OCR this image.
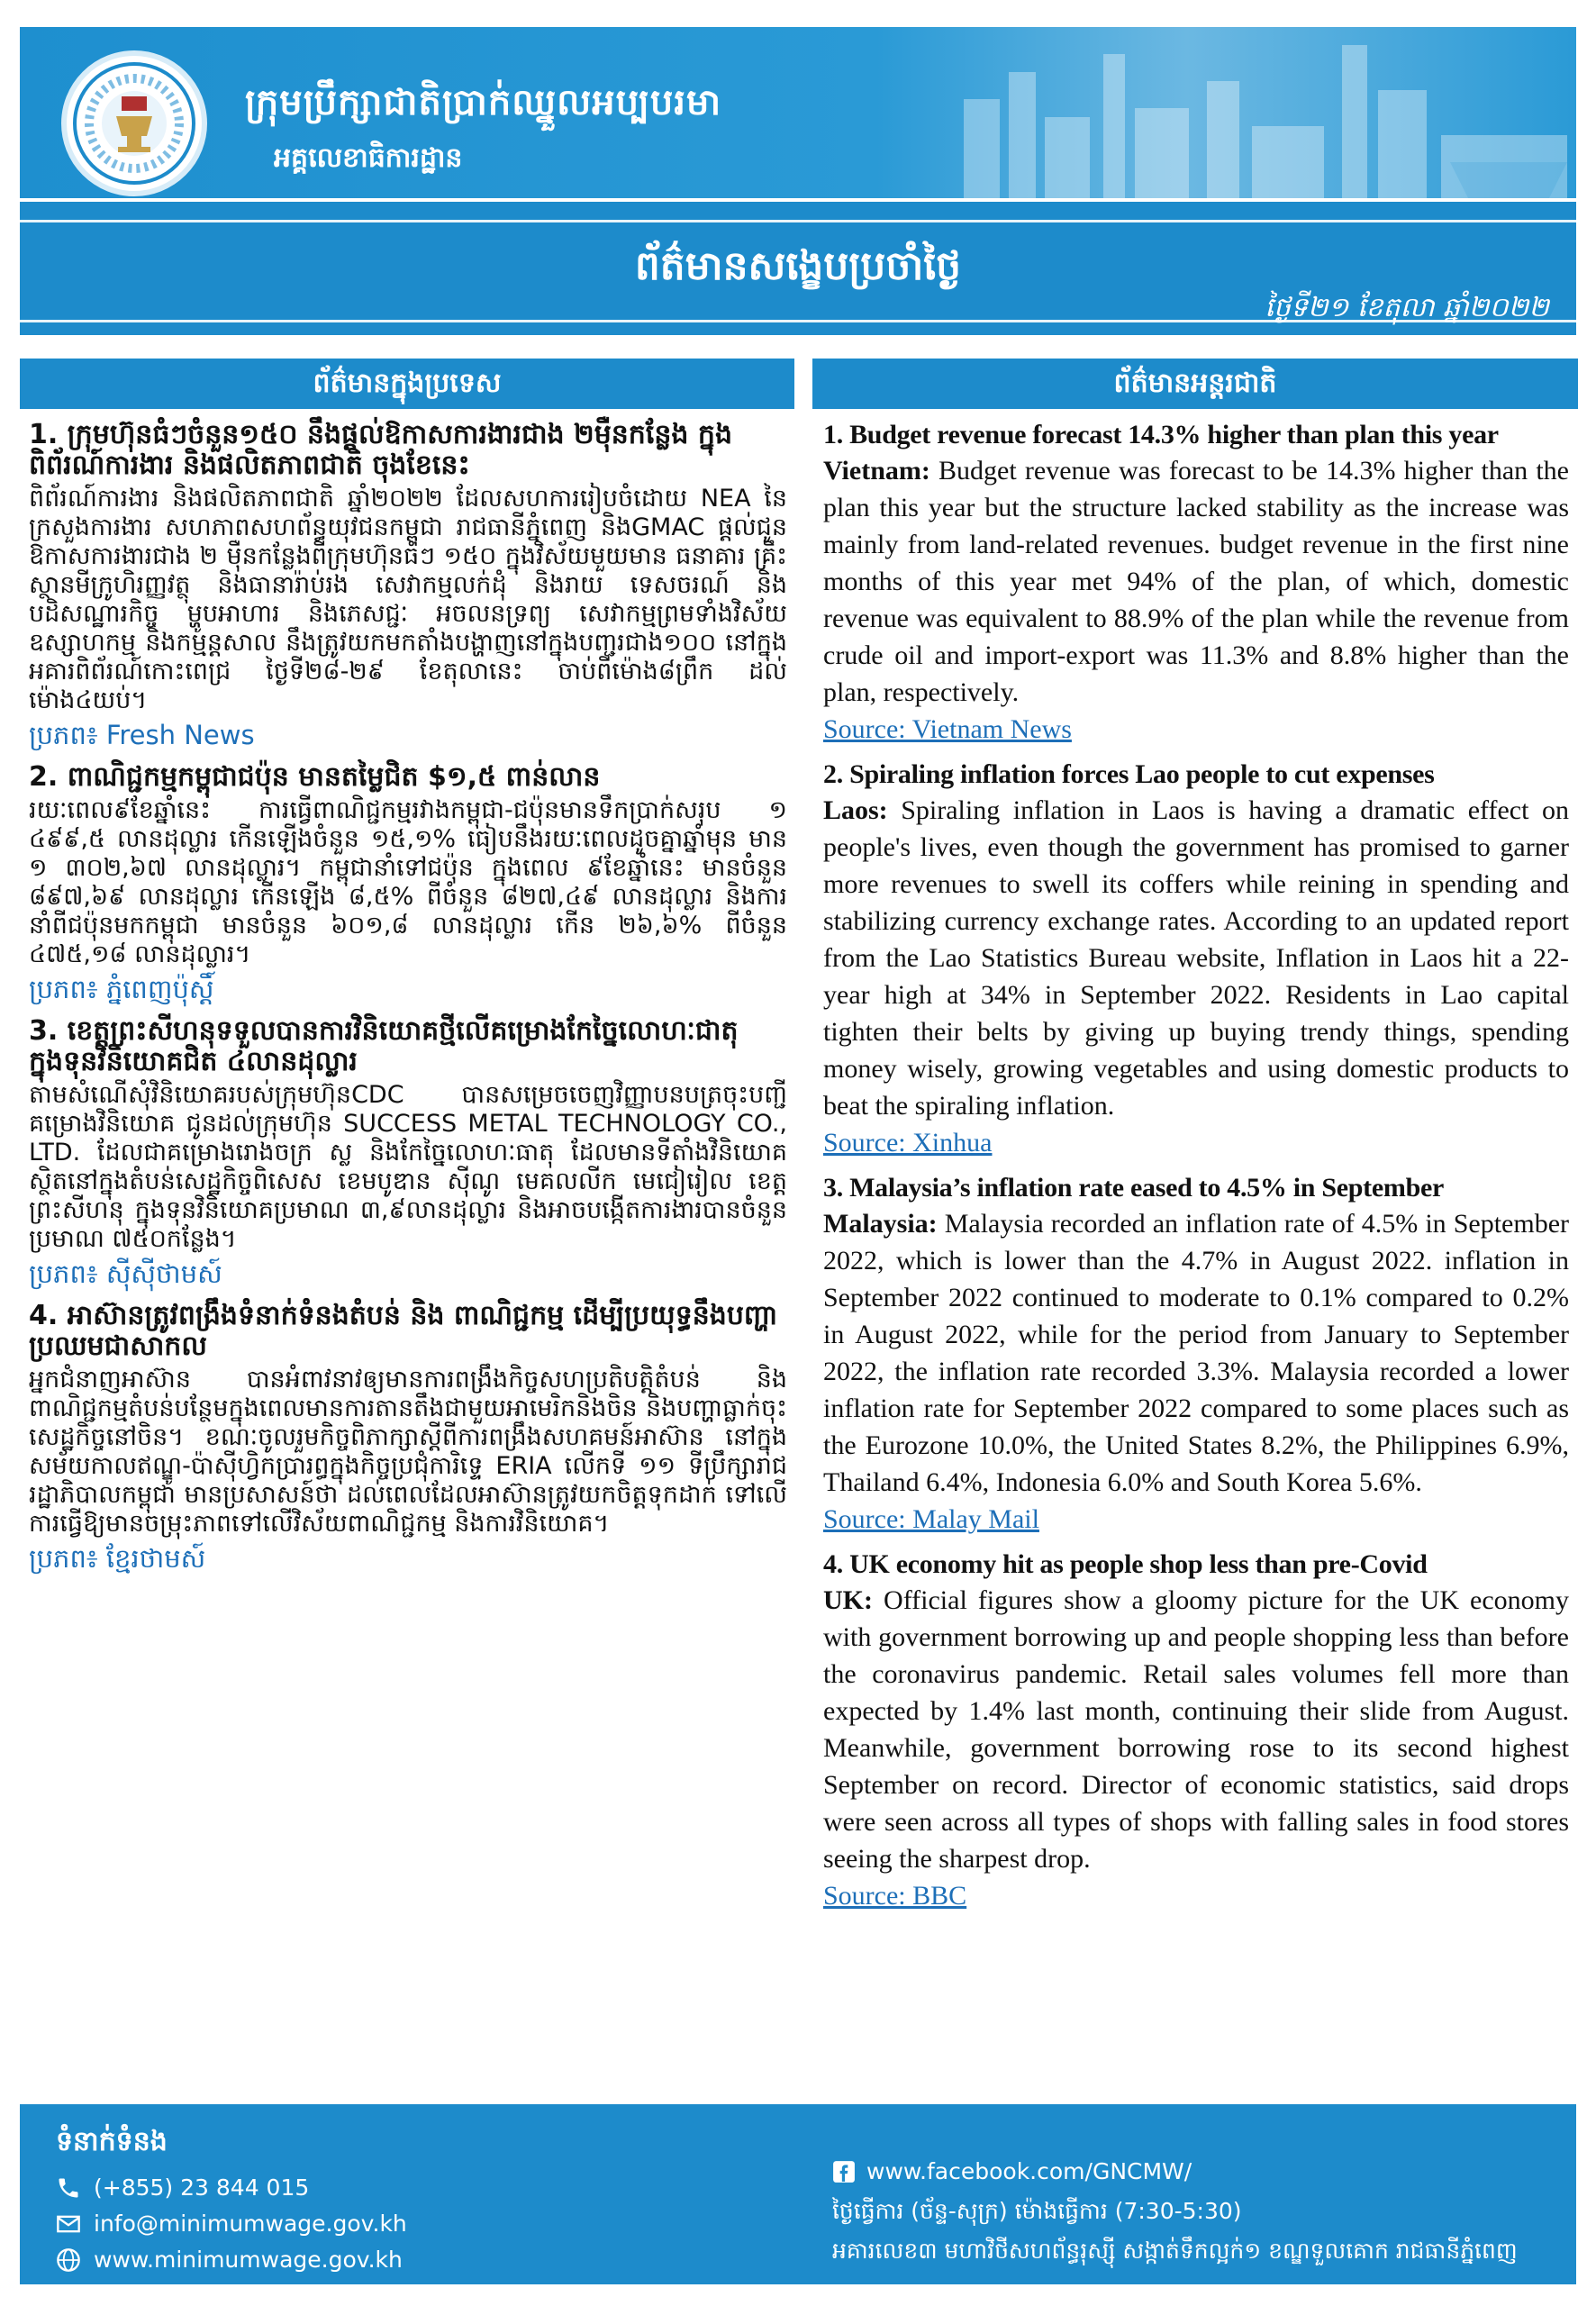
ក្រុមប្រឹក្សាជាតិប្រាក់ឈ្នួលអប្បបរមា
អគ្គលេខាធិការដ្ឋាន
ព័ត៌មានសង្ខេបប្រចាំថ្ងៃ
ថ្ងៃទី២១ ខែតុលា ឆ្នាំ២០២២
ព័ត៌មានក្នុងប្រទេស
1. ក្រុមហ៊ុនធំៗចំនួន១៥០ នឹងផ្តល់ឱកាសការងារជាង ២ម៉ឺនកន្លែង ក្នុងពិព័រណ៍ការងារ និងផលិតភាពជាតិ ចុងខែនេះ
ពិព័រណ៍ការងារ និងផលិតភាពជាតិ ឆ្នាំ២០២២ ដែលសហការរៀបចំដោយ NEA នៃក្រសួងការងារ សហភាពសហព័ន្ធយុវជនកម្ពុជា រាជធានីភ្នំពេញ និងGMAC ផ្តល់ជូនឱកាសការងារជាង ២ ម៉ឺនកន្លែងពីក្រុមហ៊ុនធំៗ ១៥០ ក្នុងវិស័យមួយមាន ធនាគារ គ្រឹះស្ថានមីក្រូហិរញ្ញវត្ថុ និងធានារ៉ាប់រង សេវាកម្មលក់ដុំ និងរាយ ទេសចរណ៍ និងបដិសណ្ឋារកិច្ច ម្ហូបអាហារ និងភេសជ្ជៈ អចលនទ្រព្យ សេវាកម្មព្រមទាំងវិស័យឧស្សាហកម្ម និងកម្មន្តសាល នឹងត្រូវយកមកតាំងបង្ហាញនៅក្នុងបញ្ជរជាង១០០ នៅក្នុងអគារពិព័រណ៍កោះពេជ្រ ថ្ងៃទី២៨-២៩ ខែតុលានេះ ចាប់ពីម៉ោង៨ព្រឹក ដល់ម៉ោង៤យប់។
ប្រភព៖ Fresh News
2. ពាណិជ្ជកម្មកម្ពុជាជប៉ុន មានតម្លៃជិត $១,៥ ពាន់លាន
រយៈពេល៩ខែឆ្នាំនេះ ការធ្វើពាណិជ្ជកម្មរវាងកម្ពុជា-ជប៉ុនមានទឹកប្រាក់សរុប ១ ៤៩៩,៥ លានដុល្លារ កើនឡើងចំនួន ១៥,១% ធៀបនឹងរយៈពេលដូចគ្នាឆ្នាំមុន មាន ១ ៣០២,៦៧ លានដុល្លារ។ កម្ពុជានាំទៅជប៉ុន ក្នុងពេល ៩ខែឆ្នាំនេះ មានចំនួន ៨៩៧,៦៩ លានដុល្លារ កើនឡើង ៨,៥% ពីចំនួន ៨២៧,៤៩ លានដុល្លារ និងការនាំពីជប៉ុនមកកម្ពុជា មានចំនួន ៦០១,៨ លានដុល្លារ កើន ២៦,៦% ពីចំនួន ៤៧៥,១៨ លានដុល្លារ។
ប្រភព៖ ភ្នំពេញប៉ុស្តិ៍
3. ខេត្តព្រះសីហនុទទួលបានការវិនិយោគថ្មីលើគម្រោងកែច្នៃលោហៈជាតុក្នុងទុនវិនិយោគជិត ៤លានដុល្លារ
តាមសំណើសុំវិនិយោគរបស់ក្រុមហ៊ុនCDC បានសម្រេចចេញវិញ្ញាបនបត្រចុះបញ្ជីគម្រោងវិនិយោគ ជូនដល់ក្រុមហ៊ុន SUCCESS METAL TECHNOLOGY CO., LTD. ដែលជាគម្រោងរោងចក្រ ស្ល និងកែច្នៃលោហៈធាតុ ដែលមានទីតាំងវិនិយោគស្ថិតនៅក្នុងតំបន់សេដ្ឋកិច្ចពិសេស ខេមបូឌាន ស៊ីណូ មេគលលីក មេជៀរៀល ខេត្តព្រះសីហនុ ក្នុងទុនវិនិយោគប្រមាណ ៣,៩លានដុល្លារ និងអាចបង្កើតការងារបានចំនួនប្រមាណ ៧៥០កន្លែង។
ប្រភព៖ ស៊ីស៊ីថាមស៍
4. អាស៊ានត្រូវពង្រឹងទំនាក់ទំនងតំបន់ និង ពាណិជ្ជកម្ម ដើម្បីប្រយុទ្ធនឹងបញ្ហាប្រឈមជាសាកល
អ្នកជំនាញអាស៊ាន បានអំពាវនាវឲ្យមានការពង្រឹងកិច្ចសហប្រតិបត្តិតំបន់ និងពាណិជ្ជកម្មតំបន់បន្ថែមក្នុងពេលមានការតានតឹងជាមួយអាមេរិកនិងចិន និងបញ្ហាធ្លាក់ចុះសេដ្ឋកិច្ចនៅចិន។ ខណៈចូលរួមកិច្ចពិភាក្សាស្តីពីការពង្រឹងសហគមន៍អាស៊ាន នៅក្នុងសម័យកាលឥណ្ឌូ-ប៉ាស៊ីហ្វិកប្រារព្ធក្នុងកិច្ចប្រជុំការិទ្ទេ ERIA លើកទី ១១ ទីប្រឹក្សារាជរដ្ឋាភិបាលកម្ពុជា មានប្រសាសន៍ថា ដល់ពេលដែលអាស៊ានត្រូវយកចិត្តទុកដាក់ ទៅលើការធ្វើឱ្យមានចម្រុះភាពទៅលើវិស័យពាណិជ្ជកម្ម និងការវិនិយោគ។
ប្រភព៖ ខ្មែរថាមស៍
ព័ត៌មានអន្តរជាតិ
1. Budget revenue forecast 14.3% higher than plan this year
Vietnam: Budget revenue was forecast to be 14.3% higher than the plan this year but the structure lacked stability as the increase was mainly from land-related revenues. budget revenue in the first nine months of this year met 94% of the plan, of which, domestic revenue was equivalent to 88.9% of the plan while the revenue from crude oil and import-export was 11.3% and 8.8% higher than the plan, respectively.
Source: Vietnam News
2. Spiraling inflation forces Lao people to cut expenses
Laos: Spiraling inflation in Laos is having a dramatic effect on people's lives, even though the government has promised to garner more revenues to swell its coffers while reining in spending and stabilizing currency exchange rates. According to an updated report from the Lao Statistics Bureau website, Inflation in Laos hit a 22-year high at 34% in September 2022. Residents in Lao capital tighten their belts by giving up buying trendy things, spending money wisely, growing vegetables and using domestic products to beat the spiraling inflation.
Source: Xinhua
3. Malaysia’s inflation rate eased to 4.5% in September
Malaysia: Malaysia recorded an inflation rate of 4.5% in September 2022, which is lower than the 4.7% in August 2022. inflation in September 2022 continued to moderate to 0.1% compared to 0.2% in August 2022, while for the period from January to September 2022, the inflation rate recorded 3.3%. Malaysia recorded a lower inflation rate for September 2022 compared to some places such as the Eurozone 10.0%, the United States 8.2%, the Philippines 6.9%, Thailand 6.4%, Indonesia 6.0% and South Korea 5.6%.
Source: Malay Mail
4. UK economy hit as people shop less than pre-Covid
UK: Official figures show a gloomy picture for the UK economy with government borrowing up and people shopping less than before the coronavirus pandemic. Retail sales volumes fell more than expected by 1.4% last month, continuing their slide from August. Meanwhile, government borrowing rose to its second highest September on record. Director of economic statistics, said drops were seen across all types of shops with falling sales in food stores seeing the sharpest drop.
Source: BBC
ទំនាក់ទំនង
(+855) 23 844 015
info@minimumwage.gov.kh
www.minimumwage.gov.kh
www.facebook.com/GNCMW/
ថ្ងៃធ្វើការ (ច័ន្ទ-សុក្រ) ម៉ោងធ្វើការ (7:30-5:30)
អគារលេខ៣ មហាវិថីសហព័ន្ធរុស្ស៊ី សង្កាត់ទឹកល្អក់១ ខណ្ឌទួលគោក រាជធានីភ្នំពេញ
